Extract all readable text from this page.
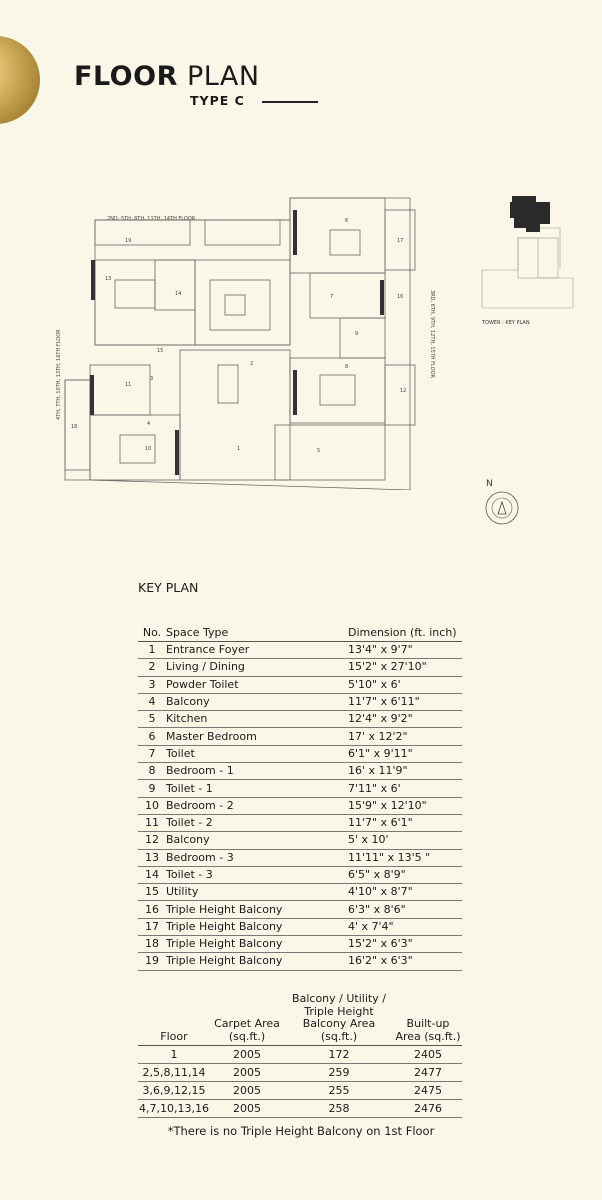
FLOOR PLAN
TYPE C
2ND, 5TH, 8TH, 11TH, 14TH FLOOR
1
2
3
4
5
6
7
8
9
10
11
12
13
14
15
16
17
18
19
4TH, 7TH, 10TH, 13TH, 16TH FLOOR	3RD, 6TH, 9TH, 12TH, 15TH FLOOR	TOWER : KEY PLAN
N
KEY PLAN
No.	Space Type	Dimension (ft. inch)
1	Entrance Foyer	13'4" x 9'7"
2	Living / Dining	15'2" x 27'10"
3	Powder Toilet	5'10" x 6'
4	Balcony	11'7" x 6'11"
5	Kitchen	12'4" x 9'2"
6	Master Bedroom	17' x 12'2"
7	Toilet	6'1" x 9'11"
8	Bedroom - 1	16' x 11'9"
9	Toilet - 1	7'11" x 6'
10	Bedroom - 2	15'9" x 12'10"
11	Toilet - 2	11'7" x 6'1"
12	Balcony	5' x 10'
13	Bedroom - 3	11'11" x 13'5 "
14	Toilet - 3	6'5" x 8'9"
15	Utility	4'10" x 8'7"
16	Triple Height Balcony	6'3" x 8'6"
17	Triple Height Balcony	4' x 7'4"
18	Triple Height Balcony	15'2" x 6'3"
19	Triple Height Balcony	16'2" x 6'3"
Floor	Carpet Area (sq.ft.)	Balcony / Utility / Triple Height Balcony Area (sq.ft.)	Built-up Area (sq.ft.)
1	2005	172	2405
2,5,8,11,14	2005	259	2477
3,6,9,12,15	2005	255	2475
4,7,10,13,16	2005	258	2476
*There is no Triple Height Balcony on 1st Floor
